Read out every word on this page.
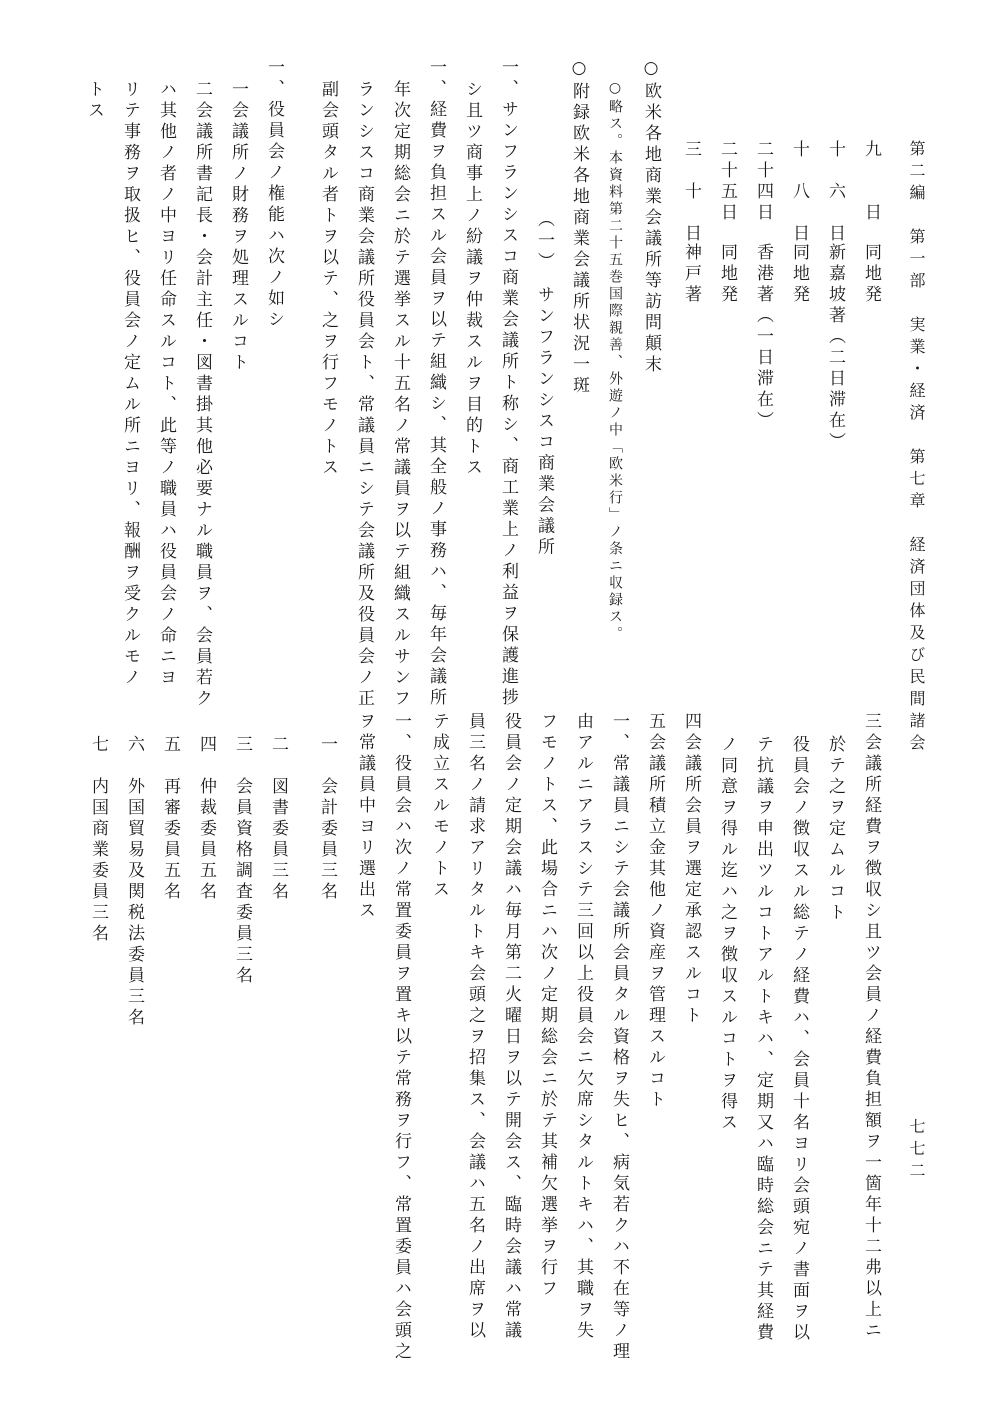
第二編　第一部　実業・経済　第七章　経済団体及び民間諸会
七七二
九　　日
同地発
十　六　日
新嘉坡著（二日滞在）
十　八　日
同地発
二十四日
香港著（一日滞在）
二十五日
同地発
三　十　日
神戸著
○欧米各地商業会議所等訪問顛末
○略ス。本資料第二十五巻国際親善、外遊ノ中「欧米行」ノ条ニ収録ス。
○附録欧米各地商業会議所状況一斑
（一）　サンフランシスコ商業会議所
一、サンフランシスコ商業会議所ト称シ、商工業上ノ利益ヲ保護進捗
シ且ツ商事上ノ紛議ヲ仲裁スルヲ目的トス
一、経費ヲ負担スル会員ヲ以テ組織シ、其全般ノ事務ハ、毎年会議所
年次定期総会ニ於テ選挙スル十五名ノ常議員ヲ以テ組織スルサンフ
ランシスコ商業会議所役員会ト、常議員ニシテ会議所及役員会ノ正
副会頭タル者トヲ以テ、之ヲ行フモノトス
一、役員会ノ権能ハ次ノ如シ
一会議所ノ財務ヲ処理スルコト
二会議所書記長・会計主任・図書掛其他必要ナル職員ヲ、会員若ク
ハ其他ノ者ノ中ヨリ任命スルコト、此等ノ職員ハ役員会ノ命ニヨ
リテ事務ヲ取扱ヒ、役員会ノ定ムル所ニヨリ、報酬ヲ受クルモノ
トス
三会議所経費ヲ徴収シ且ツ会員ノ経費負担額ヲ一箇年十二弗以上ニ
於テ之ヲ定ムルコト
役員会ノ徴収スル総テノ経費ハ、会員十名ヨリ会頭宛ノ書面ヲ以
テ抗議ヲ申出ツルコトアルトキハ、定期又ハ臨時総会ニテ其経費
ノ同意ヲ得ル迄ハ之ヲ徴収スルコトヲ得ス
四会議所会員ヲ選定承認スルコト
五会議所積立金其他ノ資産ヲ管理スルコト
一、常議員ニシテ会議所会員タル資格ヲ失ヒ、病気若クハ不在等ノ理
由アルニアラスシテ三回以上役員会ニ欠席シタルトキハ、其職ヲ失
フモノトス、此場合ニハ次ノ定期総会ニ於テ其補欠選挙ヲ行フ
役員会ノ定期会議ハ毎月第二火曜日ヲ以テ開会ス、臨時会議ハ常議
員三名ノ請求アリタルトキ会頭之ヲ招集ス、会議ハ五名ノ出席ヲ以
テ成立スルモノトス
一、役員会ハ次ノ常置委員ヲ置キ以テ常務ヲ行フ、常置委員ハ会頭之
ヲ常議員中ヨリ選出ス
一　会計委員三名
二　図書委員三名
三　会員資格調査委員三名
四　仲裁委員五名
五　再審委員五名
六　外国貿易及関税法委員三名
七　内国商業委員三名
